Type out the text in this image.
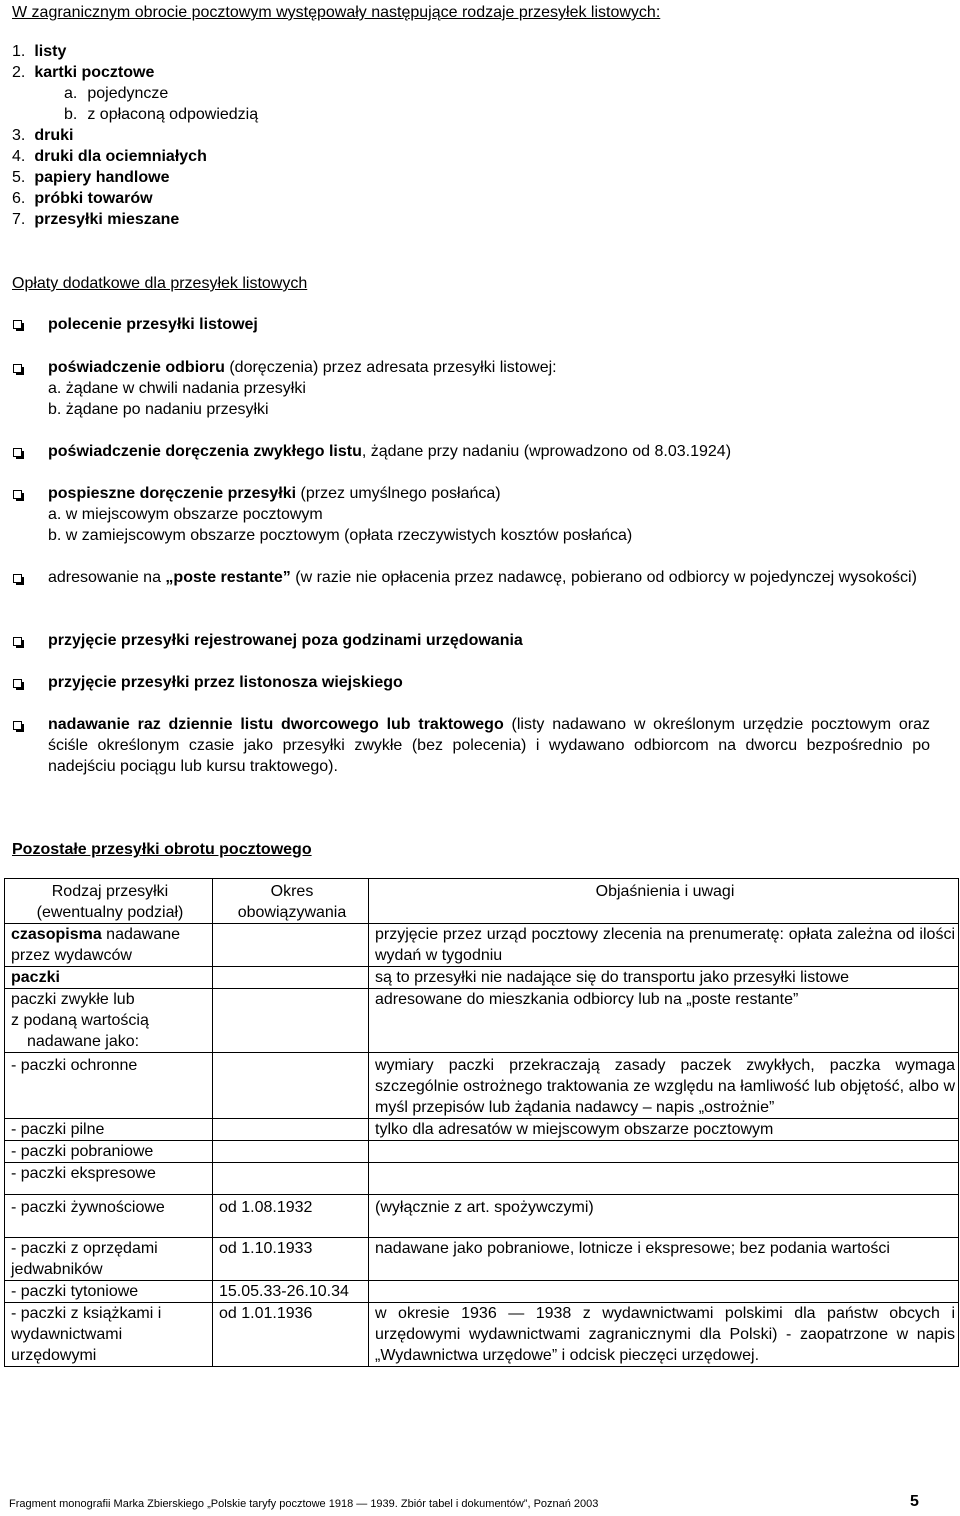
W zagranicznym obrocie pocztowym występowały następujące rodzaje przesyłek listowych:
1. listy
2. kartki pocztowe
a. pojedyncze
b. z opłaconą odpowiedzią
3. druki
4. druki dla ociemniałych
5. papiery handlowe
6. próbki towarów
7. przesyłki mieszane
Opłaty dodatkowe dla przesyłek listowych
polecenie przesyłki listowej
poświadczenie odbioru (doręczenia) przez adresata przesyłki listowej:
a. żądane w chwili nadania przesyłki
b. żądane po nadaniu przesyłki
poświadczenie doręczenia zwykłego listu, żądane przy nadaniu (wprowadzono od 8.03.1924)
pospieszne doręczenie przesyłki (przez umyślnego posłańca)
a. w miejscowym obszarze pocztowym
b. w zamiejscowym obszarze pocztowym (opłata rzeczywistych kosztów posłańca)
adresowanie na „poste restante” (w razie nie opłacenia przez nadawcę, pobierano od odbiorcy w pojedynczej wysokości)
przyjęcie przesyłki rejestrowanej poza godzinami urzędowania
przyjęcie przesyłki przez listonosza wiejskiego
nadawanie raz dziennie listu dworcowego lub traktowego (listy nadawano w określonym urzędzie pocztowym oraz ściśle określonym czasie jako przesyłki zwykłe (bez polecenia) i wydawano odbiorcom na dworcu bezpośrednio po nadejściu pociągu lub kursu traktowego).
Pozostałe przesyłki obrotu pocztowego
Rodzaj przesyłki (ewentualny podział)	Okres obowiązywania	Objaśnienia i uwagi
czasopisma nadawane przez wydawców		przyjęcie przez urząd pocztowy zlecenia na prenumeratę: opłata zależna od ilości wydań w tygodniu
paczki		są to przesyłki nie nadające się do transportu jako przesyłki listowe

paczki zwykłe lub
z podaną wartością
nadawane jako:		adresowane do mieszkania odbiorcy lub na „poste restante”
- paczki ochronne		wymiary paczki przekraczają zasady paczek zwykłych, paczka wymaga szczególnie ostrożnego traktowania ze względu na łamliwość lub objętość, albo w myśl przepisów lub żądania nadawcy – napis „ostrożnie”
- paczki pilne		tylko dla adresatów w miejscowym obszarze pocztowym
- paczki pobraniowe		
- paczki ekspresowe		
- paczki żywnościowe	od 1.08.1932	(wyłącznie z art. spożywczymi)
- paczki z oprzędami jedwabników	od 1.10.1933	nadawane jako pobraniowe, lotnicze i ekspresowe; bez podania wartości
- paczki tytoniowe	15.05.33-26.10.34	
- paczki z książkami i wydawnictwami urzędowymi	od 1.01.1936	w okresie 1936 — 1938 z wydawnictwami polskimi dla państw obcych i urzędowymi wydawnictwami zagranicznymi dla Polski) - zaopatrzone w napis „Wydawnictwa urzędowe” i odcisk pieczęci urzędowej.
Fragment monografii Marka Zbierskiego „Polskie taryfy pocztowe 1918 — 1939. Zbiór tabel i dokumentów”, Poznań 2003	5
